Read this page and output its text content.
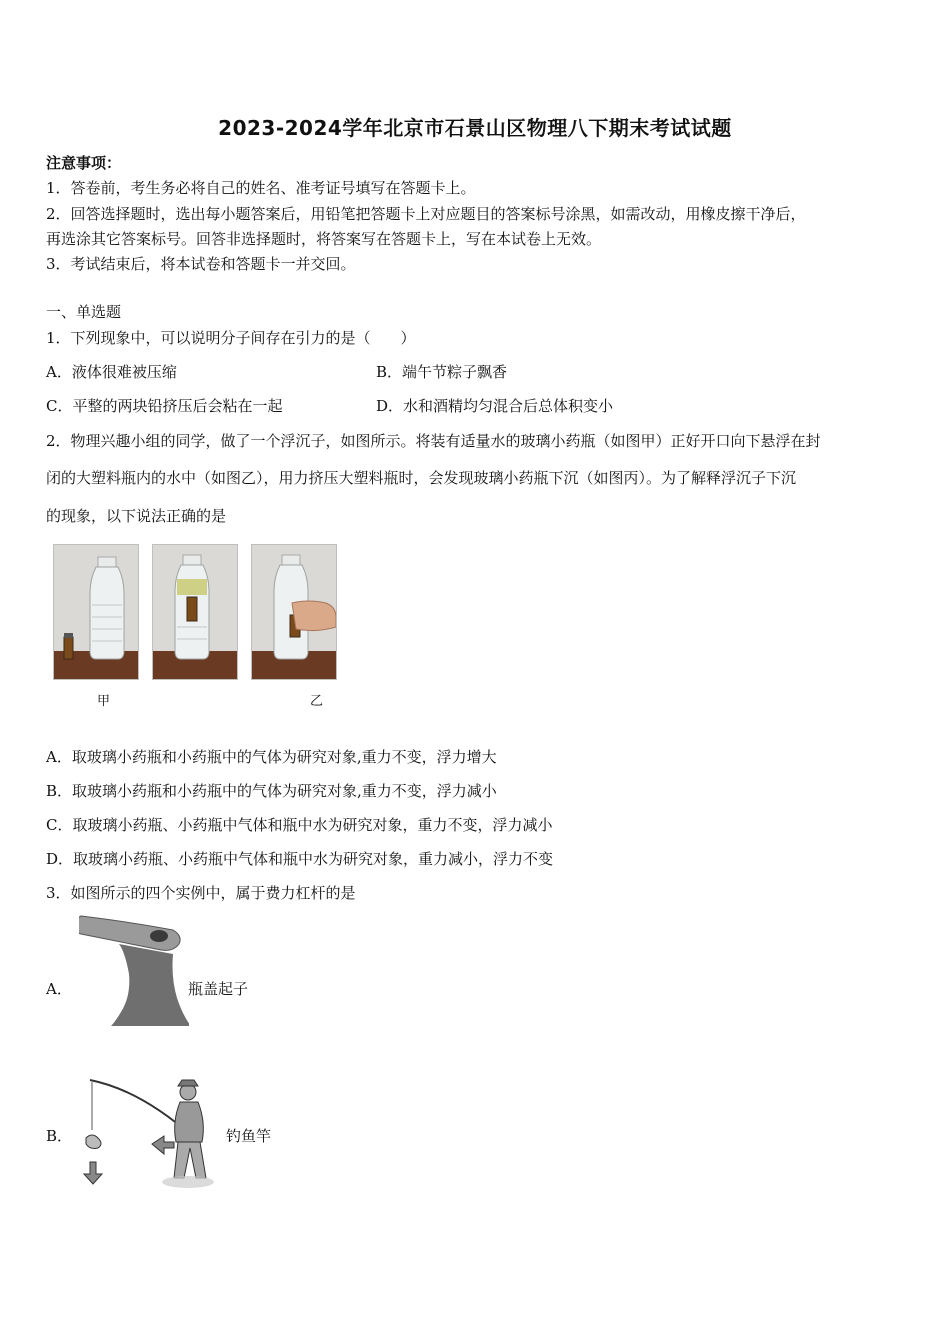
2023-2024学年北京市石景山区物理八下期末考试试题
注意事项：
1．答卷前，考生务必将自己的姓名、准考证号填写在答题卡上。
2．回答选择题时，选出每小题答案后，用铅笔把答题卡上对应题目的答案标号涂黑，如需改动，用橡皮擦干净后，
再选涂其它答案标号。回答非选择题时，将答案写在答题卡上，写在本试卷上无效。
3．考试结束后，将本试卷和答题卡一并交回。
一、单选题
1．下列现象中，可以说明分子间存在引力的是（　　）
A．液体很难被压缩	B．端午节粽子飘香
C．平整的两块铅挤压后会粘在一起	D．水和酒精均匀混合后总体积变小
2．物理兴趣小组的同学，做了一个浮沉子，如图所示。将装有适量水的玻璃小药瓶（如图甲）正好开口向下悬浮在封
闭的大塑料瓶内的水中（如图乙），用力挤压大塑料瓶时，会发现玻璃小药瓶下沉（如图丙）。为了解释浮沉子下沉
的现象，以下说法正确的是
甲	乙
A．取玻璃小药瓶和小药瓶中的气体为研究对象,重力不变，浮力增大
B．取玻璃小药瓶和小药瓶中的气体为研究对象,重力不变，浮力减小
C．取玻璃小药瓶、小药瓶中气体和瓶中水为研究对象，重力不变，浮力减小
D．取玻璃小药瓶、小药瓶中气体和瓶中水为研究对象，重力减小，浮力不变
3．如图所示的四个实例中，属于费力杠杆的是
A．	瓶盖起子
B．	钓鱼竿
